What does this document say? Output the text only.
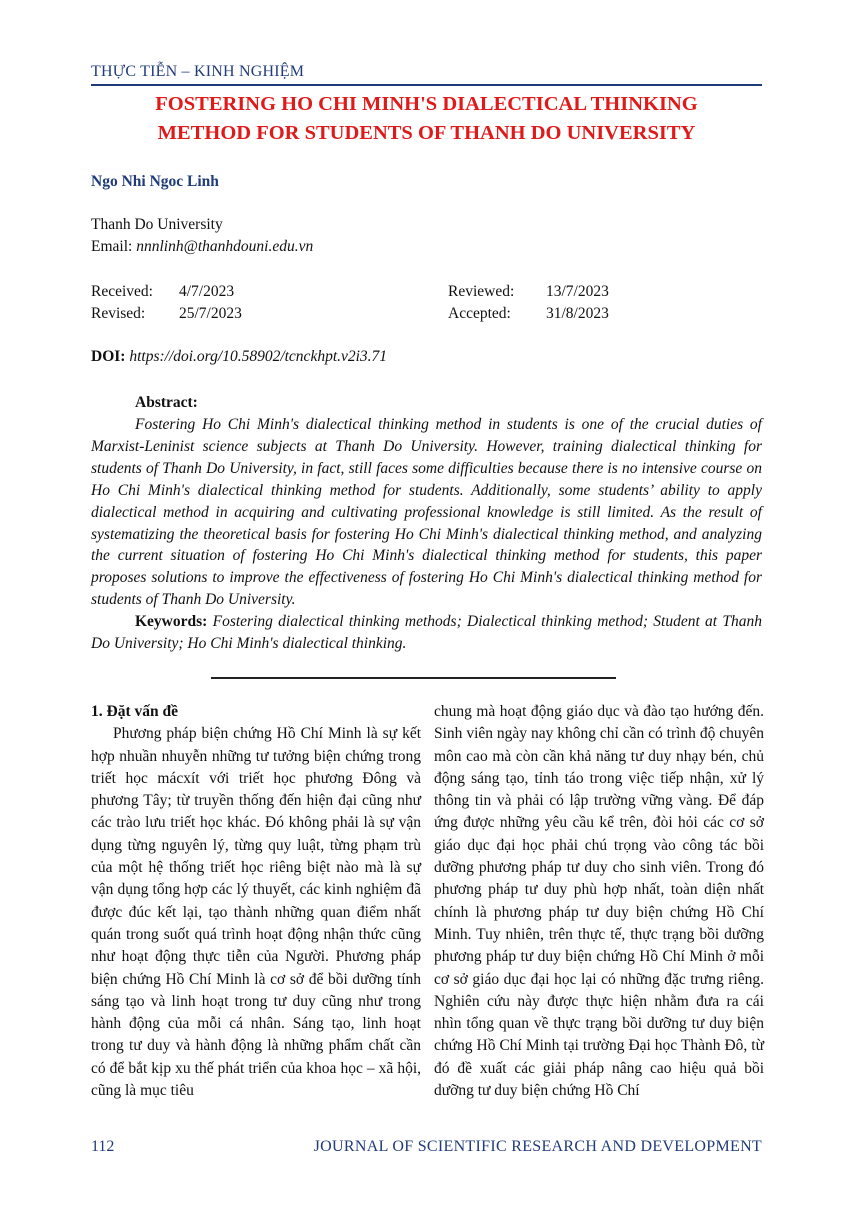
THỰC TIỄN – KINH NGHIỆM
FOSTERING HO CHI MINH'S DIALECTICAL THINKING
METHOD FOR STUDENTS OF THANH DO UNIVERSITY
Ngo Nhi Ngoc Linh
Thanh Do University
Email: nnnlinh@thanhdouni.edu.vn
Received: 4/7/2023	Reviewed: 13/7/2023
Revised: 25/7/2023	Accepted: 31/8/2023
DOI: https://doi.org/10.58902/tcnckhpt.v2i3.71
Abstract:

Fostering Ho Chi Minh's dialectical thinking method in students is one of the crucial duties of Marxist-Leninist science subjects at Thanh Do University. However, training dialectical thinking for students of Thanh Do University, in fact, still faces some difficulties because there is no intensive course on Ho Chi Minh's dialectical thinking method for students. Additionally, some students’ ability to apply dialectical method in acquiring and cultivating professional knowledge is still limited. As the result of systematizing the theoretical basis for fostering Ho Chi Minh's dialectical thinking method, and analyzing the current situation of fostering Ho Chi Minh's dialectical thinking method for students, this paper proposes solutions to improve the effectiveness of fostering Ho Chi Minh's dialectical thinking method for students of Thanh Do University.

Keywords: Fostering dialectical thinking methods; Dialectical thinking method; Student at Thanh Do University; Ho Chi Minh's dialectical thinking.

1. Đặt vấn đề

Phương pháp biện chứng Hồ Chí Minh là sự kết hợp nhuần nhuyễn những tư tưởng biện chứng trong triết học mácxít với triết học phương Đông và phương Tây; từ truyền thống đến hiện đại cũng như các trào lưu triết học khác. Đó không phải là sự vận dụng từng nguyên lý, từng quy luật, từng phạm trù của một hệ thống triết học riêng biệt nào mà là sự vận dụng tổng hợp các lý thuyết, các kinh nghiệm đã được đúc kết lại, tạo thành những quan điểm nhất quán trong suốt quá trình hoạt động nhận thức cũng như hoạt động thực tiễn của Người. Phương pháp biện chứng Hồ Chí Minh là cơ sở để bồi dưỡng tính sáng tạo và linh hoạt trong tư duy cũng như trong hành động của mỗi cá nhân. Sáng tạo, linh hoạt trong tư duy và hành động là những phẩm chất cần có để bắt kịp xu thế phát triển của khoa học – xã hội, cũng là mục tiêu

chung mà hoạt động giáo dục và đào tạo hướng đến. Sinh viên ngày nay không chỉ cần có trình độ chuyên môn cao mà còn cần khả năng tư duy nhạy bén, chủ động sáng tạo, tỉnh táo trong việc tiếp nhận, xử lý thông tin và phải có lập trường vững vàng. Để đáp ứng được những yêu cầu kể trên, đòi hỏi các cơ sở giáo dục đại học phải chú trọng vào công tác bồi dưỡng phương pháp tư duy cho sinh viên. Trong đó phương pháp tư duy phù hợp nhất, toàn diện nhất chính là phương pháp tư duy biện chứng Hồ Chí Minh. Tuy nhiên, trên thực tế, thực trạng bồi dưỡng phương pháp tư duy biện chứng Hồ Chí Minh ở mỗi cơ sở giáo dục đại học lại có những đặc trưng riêng. Nghiên cứu này được thực hiện nhằm đưa ra cái nhìn tổng quan về thực trạng bồi dưỡng tư duy biện chứng Hồ Chí Minh tại trường Đại học Thành Đô, từ đó đề xuất các giải pháp nâng cao hiệu quả bồi dưỡng tư duy biện chứng Hồ Chí

112	JOURNAL OF SCIENTIFIC RESEARCH AND DEVELOPMENT
